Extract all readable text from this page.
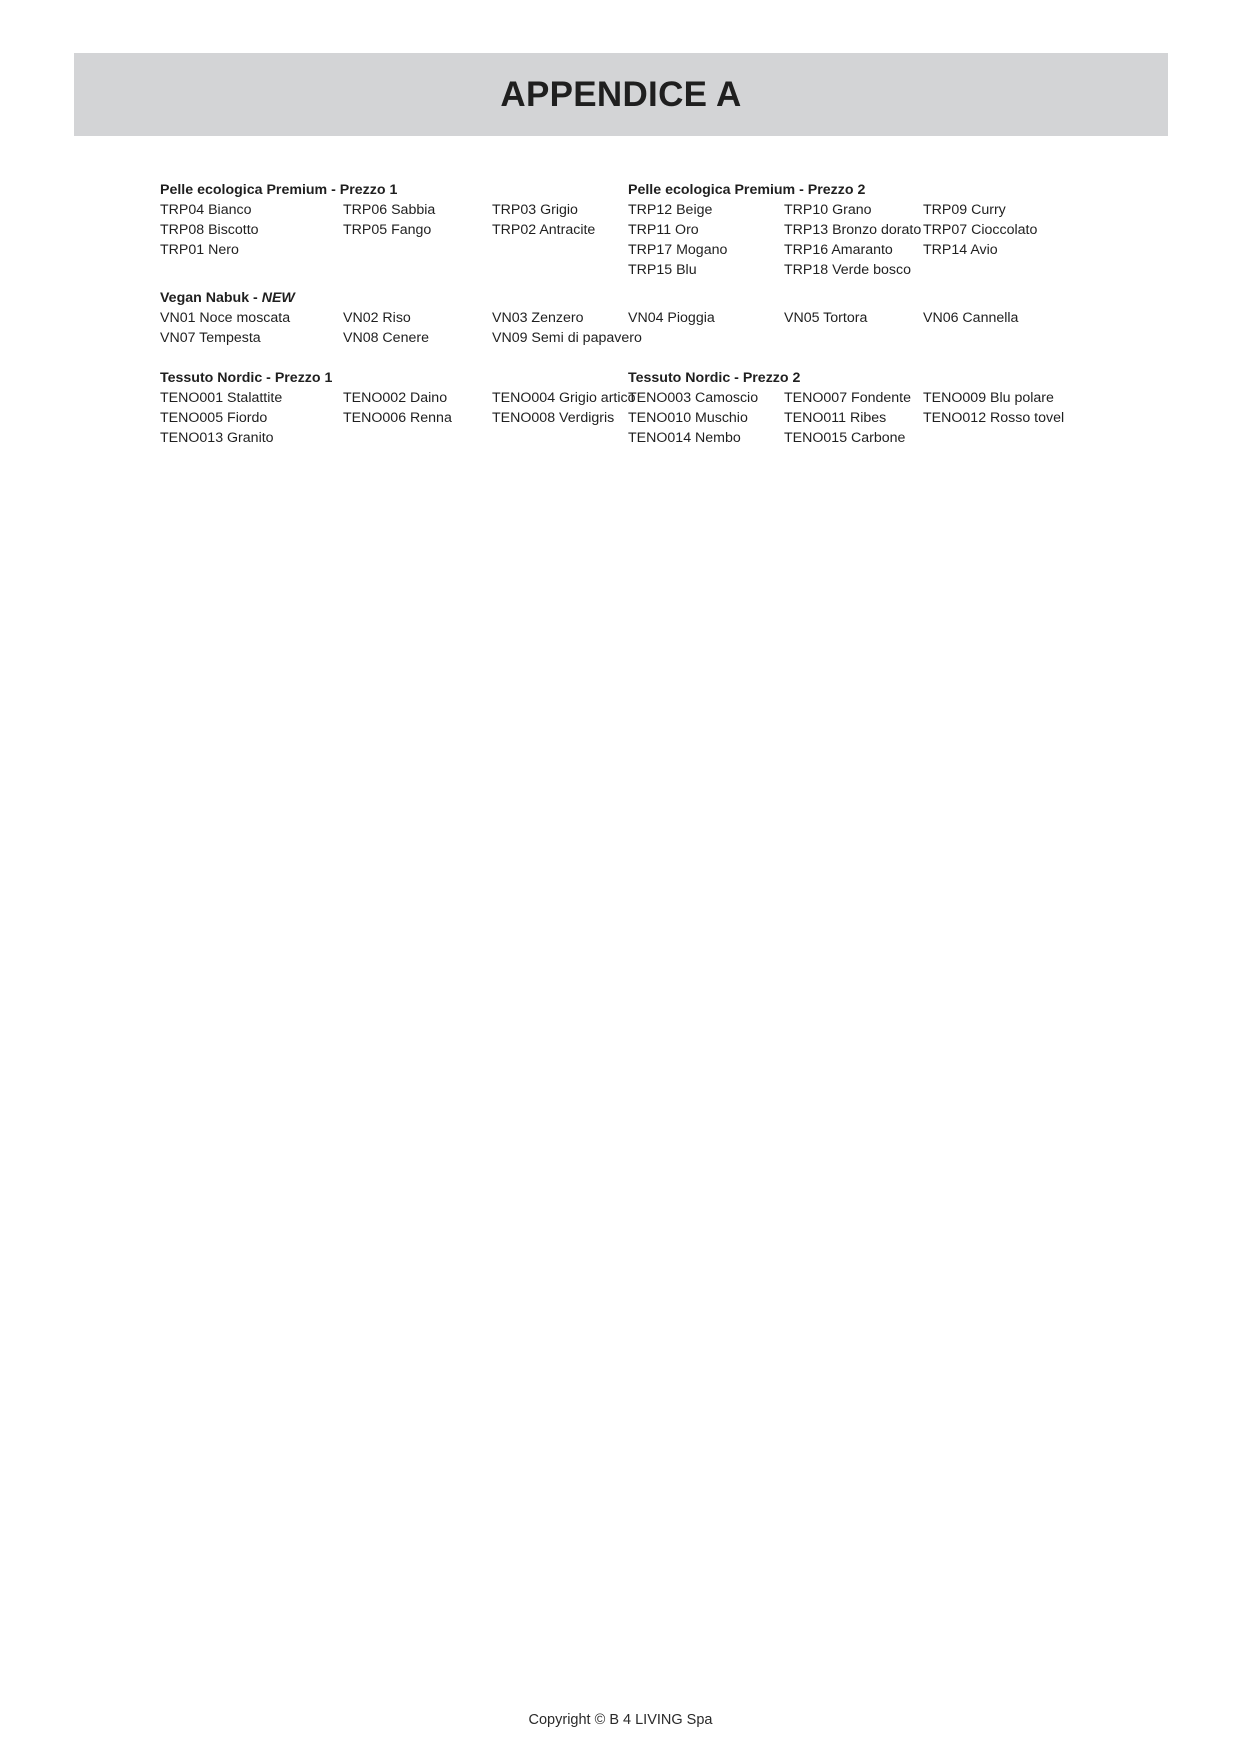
APPENDICE A
Pelle ecologica Premium - Prezzo 1
TRP04 Bianco	TRP06 Sabbia	TRP03 Grigio
TRP08 Biscotto	TRP05 Fango	TRP02 Antracite
TRP01 Nero
Pelle ecologica Premium - Prezzo 2
TRP12 Beige	TRP10 Grano	TRP09 Curry
TRP11 Oro	TRP13 Bronzo dorato TRP07 Cioccolato
TRP17 Mogano	TRP16 Amaranto TRP14 Avio
TRP15 Blu	TRP18 Verde bosco
Vegan Nabuk - NEW
VN01 Noce moscata	VN02 Riso	VN03 Zenzero	VN04 Pioggia	VN05 Tortora	VN06 Cannella
VN07 Tempesta	VN08 Cenere	VN09 Semi di papavero
Tessuto Nordic - Prezzo 1
TENO001 Stalattite	TENO002 Daino	TENO004 Grigio artico
TENO005 Fiordo	TENO006 Renna	TENO008 Verdigris
TENO013 Granito
Tessuto Nordic - Prezzo 2
TENO003 Camoscio TENO007 Fondente TENO009 Blu polare
TENO010 Muschio	TENO011 Ribes	TENO012 Rosso tovel
TENO014 Nembo	TENO015 Carbone
Copyright © B 4 LIVING Spa
